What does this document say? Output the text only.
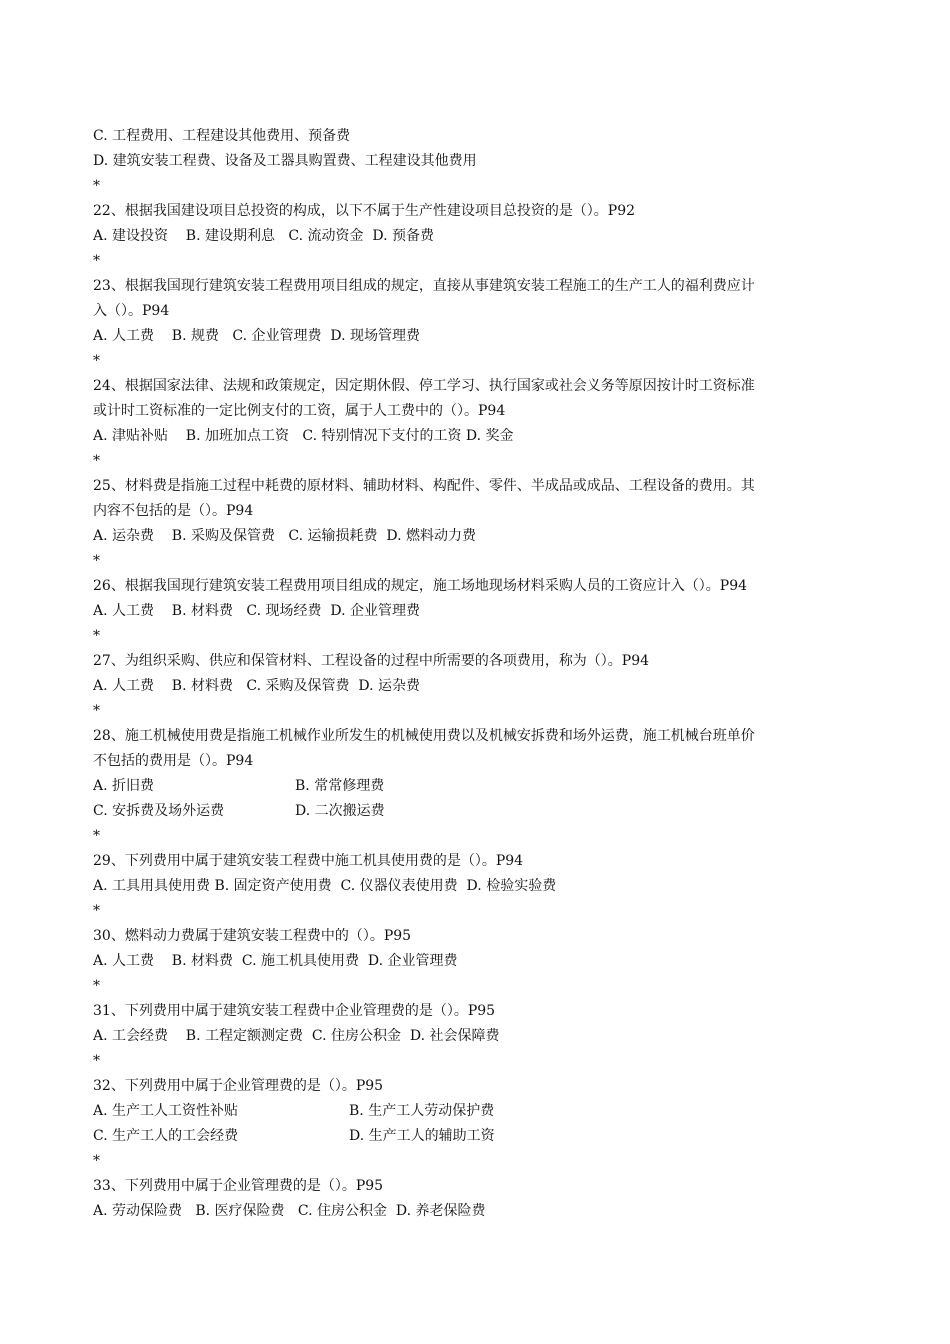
C. 工程费用、工程建设其他费用、预备费
D. 建筑安装工程费、设备及工器具购置费、工程建设其他费用
*
22、根据我国建设项目总投资的构成，以下不属于生产性建设项目总投资的是（）。P92
A. 建设投资    B. 建设期利息   C. 流动资金  D. 预备费
*
23、根据我国现行建筑安装工程费用项目组成的规定，直接从事建筑安装工程施工的生产工人的福利费应计
入（）。P94
A. 人工费    B. 规费   C. 企业管理费  D. 现场管理费
*
24、根据国家法律、法规和政策规定，因定期休假、停工学习、执行国家或社会义务等原因按计时工资标准
或计时工资标准的一定比例支付的工资，属于人工费中的（）。P94
A. 津贴补贴    B. 加班加点工资   C. 特别情况下支付的工资 D. 奖金
*
25、材料费是指施工过程中耗费的原材料、辅助材料、构配件、零件、半成品或成品、工程设备的费用。其
内容不包括的是（）。P94
A. 运杂费    B. 采购及保管费   C. 运输损耗费  D. 燃料动力费
*
26、根据我国现行建筑安装工程费用项目组成的规定，施工场地现场材料采购人员的工资应计入（）。P94
A. 人工费    B. 材料费   C. 现场经费  D. 企业管理费
*
27、为组织采购、供应和保管材料、工程设备的过程中所需要的各项费用，称为（）。P94
A. 人工费    B. 材料费   C. 采购及保管费  D. 运杂费
*
28、施工机械使用费是指施工机械作业所发生的机械使用费以及机械安拆费和场外运费，施工机械台班单价
不包括的费用是（）。P94
A. 折旧费	B. 常常修理费
C. 安拆费及场外运费	D. 二次搬运费
*
29、下列费用中属于建筑安装工程费中施工机具使用费的是（）。P94
A. 工具用具使用费 B. 固定资产使用费  C. 仪器仪表使用费  D. 检验实验费
*
30、燃料动力费属于建筑安装工程费中的（）。P95
A. 人工费    B. 材料费  C. 施工机具使用费  D. 企业管理费
*
31、下列费用中属于建筑安装工程费中企业管理费的是（）。P95
A. 工会经费    B. 工程定额测定费  C. 住房公积金  D. 社会保障费
*
32、下列费用中属于企业管理费的是（）。P95
A. 生产工人工资性补贴	B. 生产工人劳动保护费
C. 生产工人的工会经费	D. 生产工人的辅助工资
*
33、下列费用中属于企业管理费的是（）。P95
A. 劳动保险费   B. 医疗保险费   C. 住房公积金  D. 养老保险费
